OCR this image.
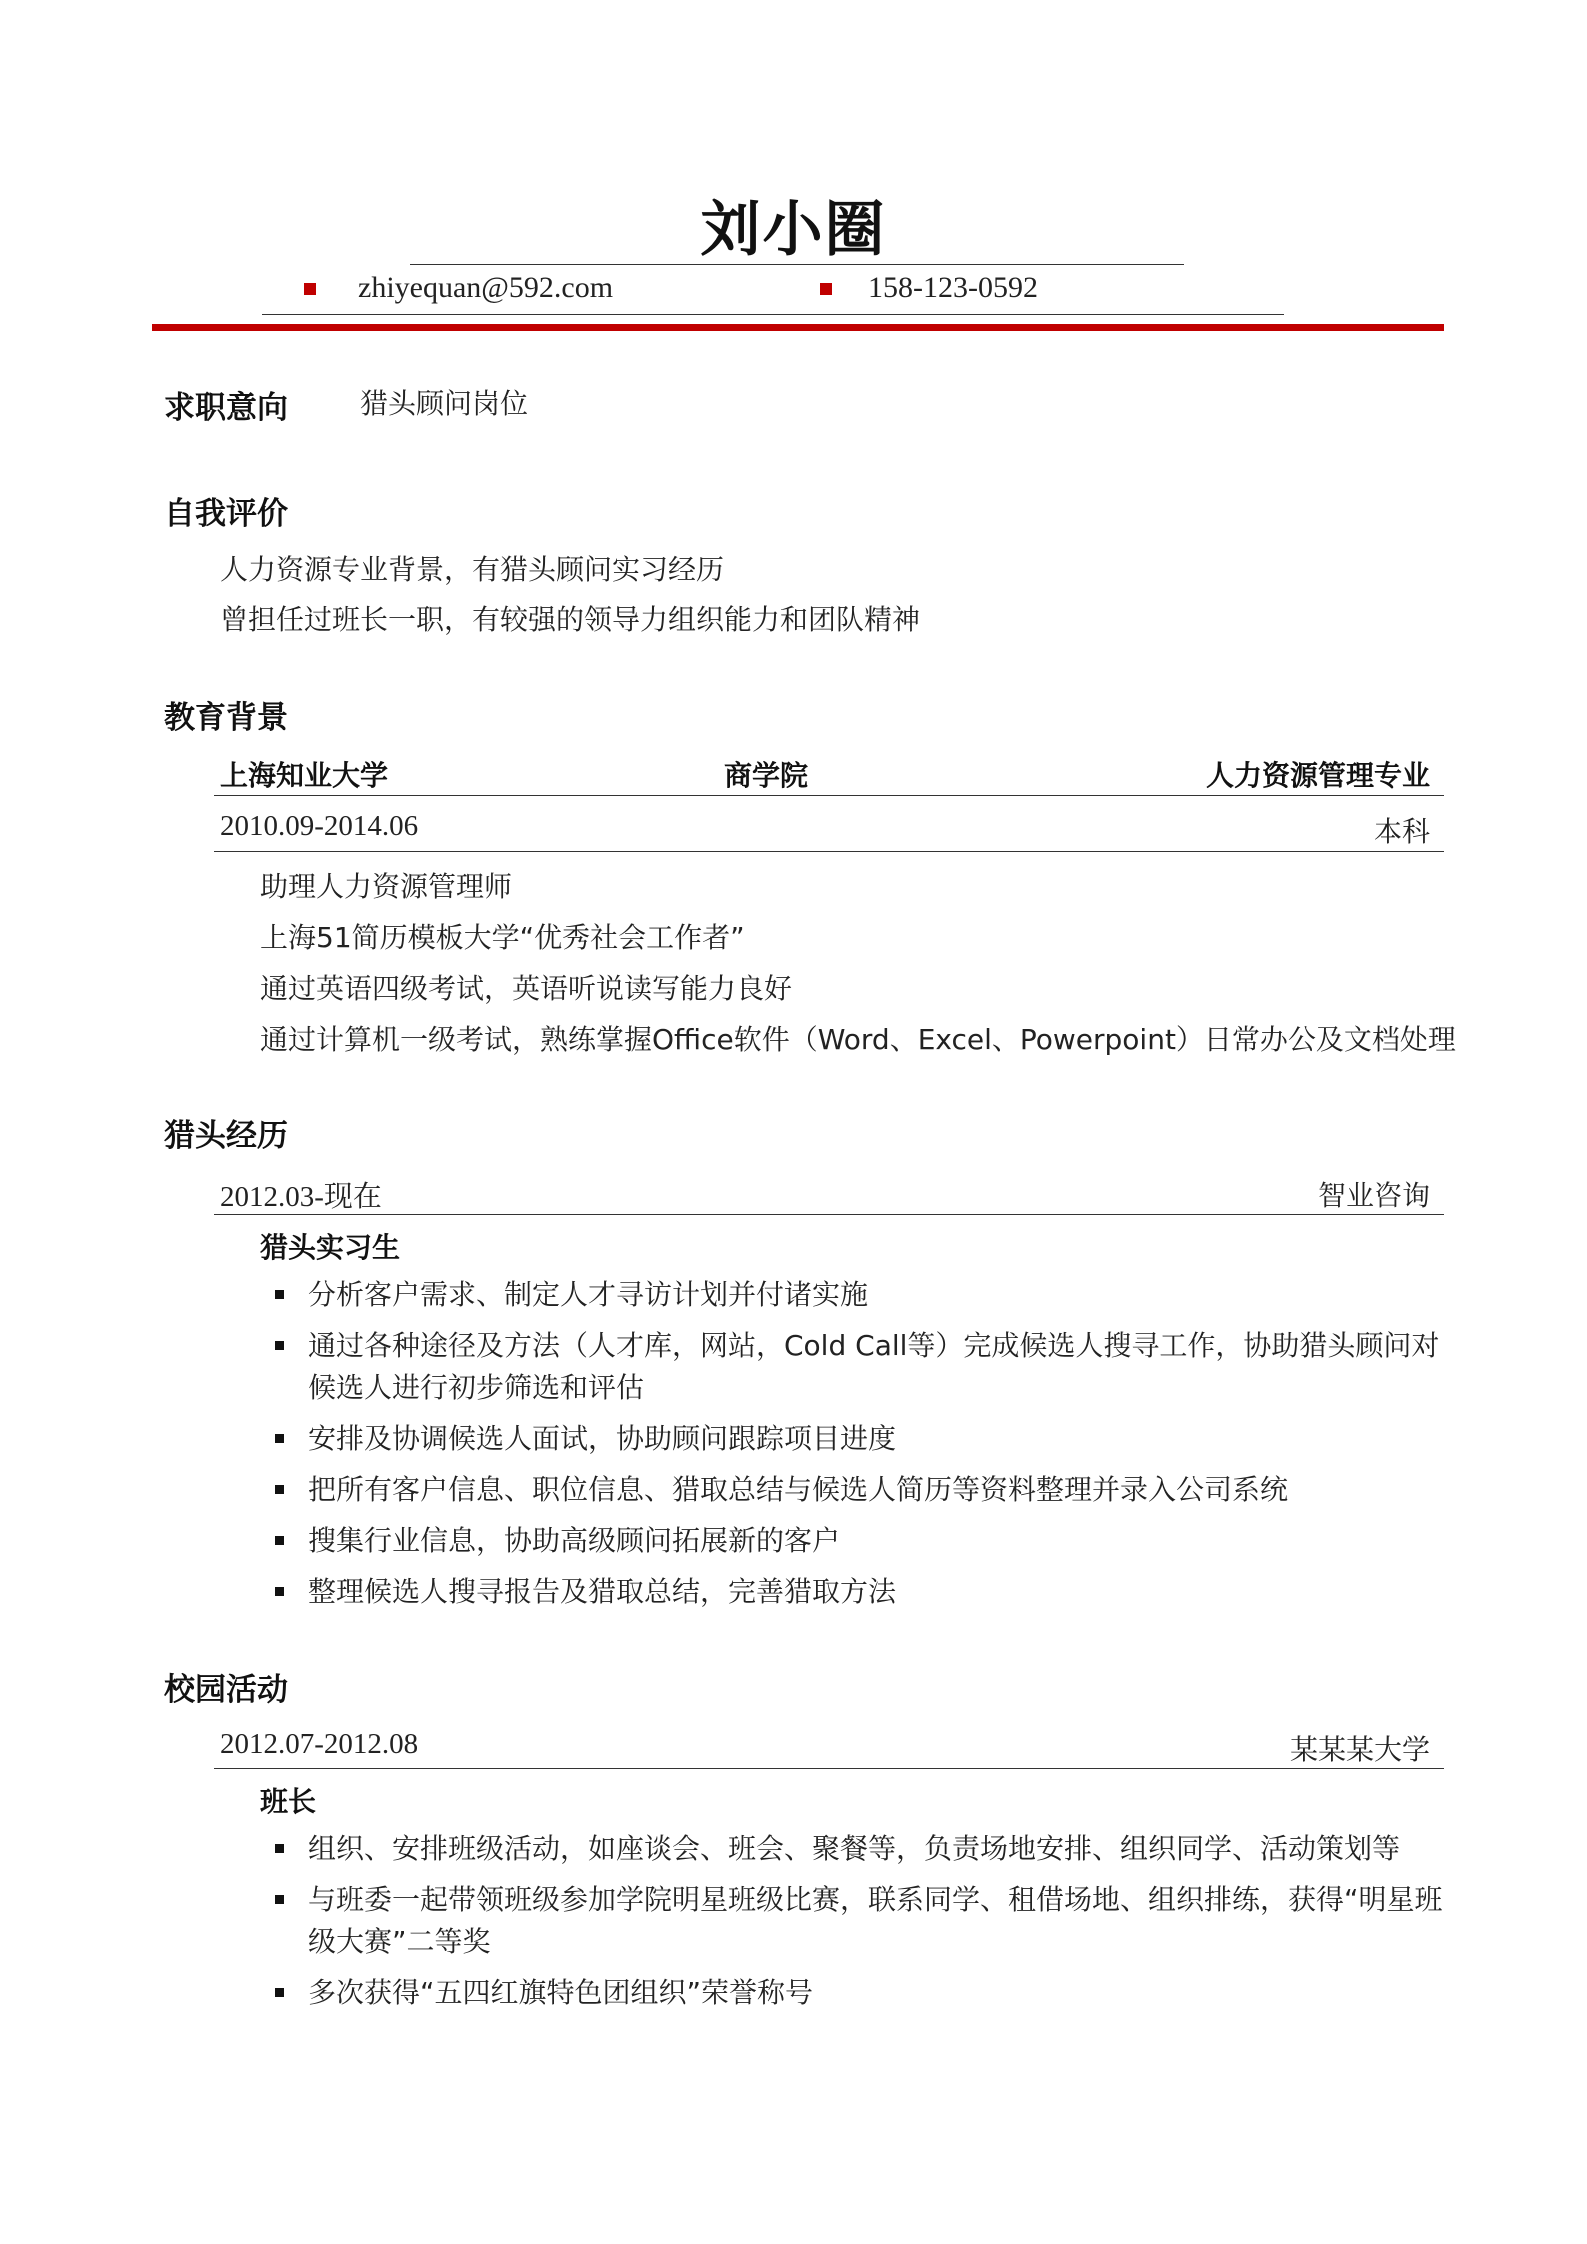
刘小圈
zhiyequan@592.com	158-123-0592
求职意向	猎头顾问岗位
自我评价
人力资源专业背景，有猎头顾问实习经历
曾担任过班长一职，有较强的领导力组织能力和团队精神
教育背景
上海知业大学	商学院	人力资源管理专业
2010.09-2014.06	本科
助理人力资源管理师
上海51简历模板大学“优秀社会工作者”
通过英语四级考试，英语听说读写能力良好
通过计算机一级考试，熟练掌握Office软件（Word、Excel、Powerpoint）日常办公及文档处理
猎头经历
2012.03-现在	智业咨询
猎头实习生
分析客户需求、制定人才寻访计划并付诸实施
通过各种途径及方法（人才库，网站，Cold Call等）完成候选人搜寻工作，协助猎头顾问对候选人进行初步筛选和评估
安排及协调候选人面试，协助顾问跟踪项目进度
把所有客户信息、职位信息、猎取总结与候选人简历等资料整理并录入公司系统
搜集行业信息，协助高级顾问拓展新的客户
整理候选人搜寻报告及猎取总结，完善猎取方法
校园活动
2012.07-2012.08	某某某大学
班长
组织、安排班级活动，如座谈会、班会、聚餐等，负责场地安排、组织同学、活动策划等
与班委一起带领班级参加学院明星班级比赛，联系同学、租借场地、组织排练，获得“明星班级大赛”二等奖
多次获得“五四红旗特色团组织”荣誉称号
